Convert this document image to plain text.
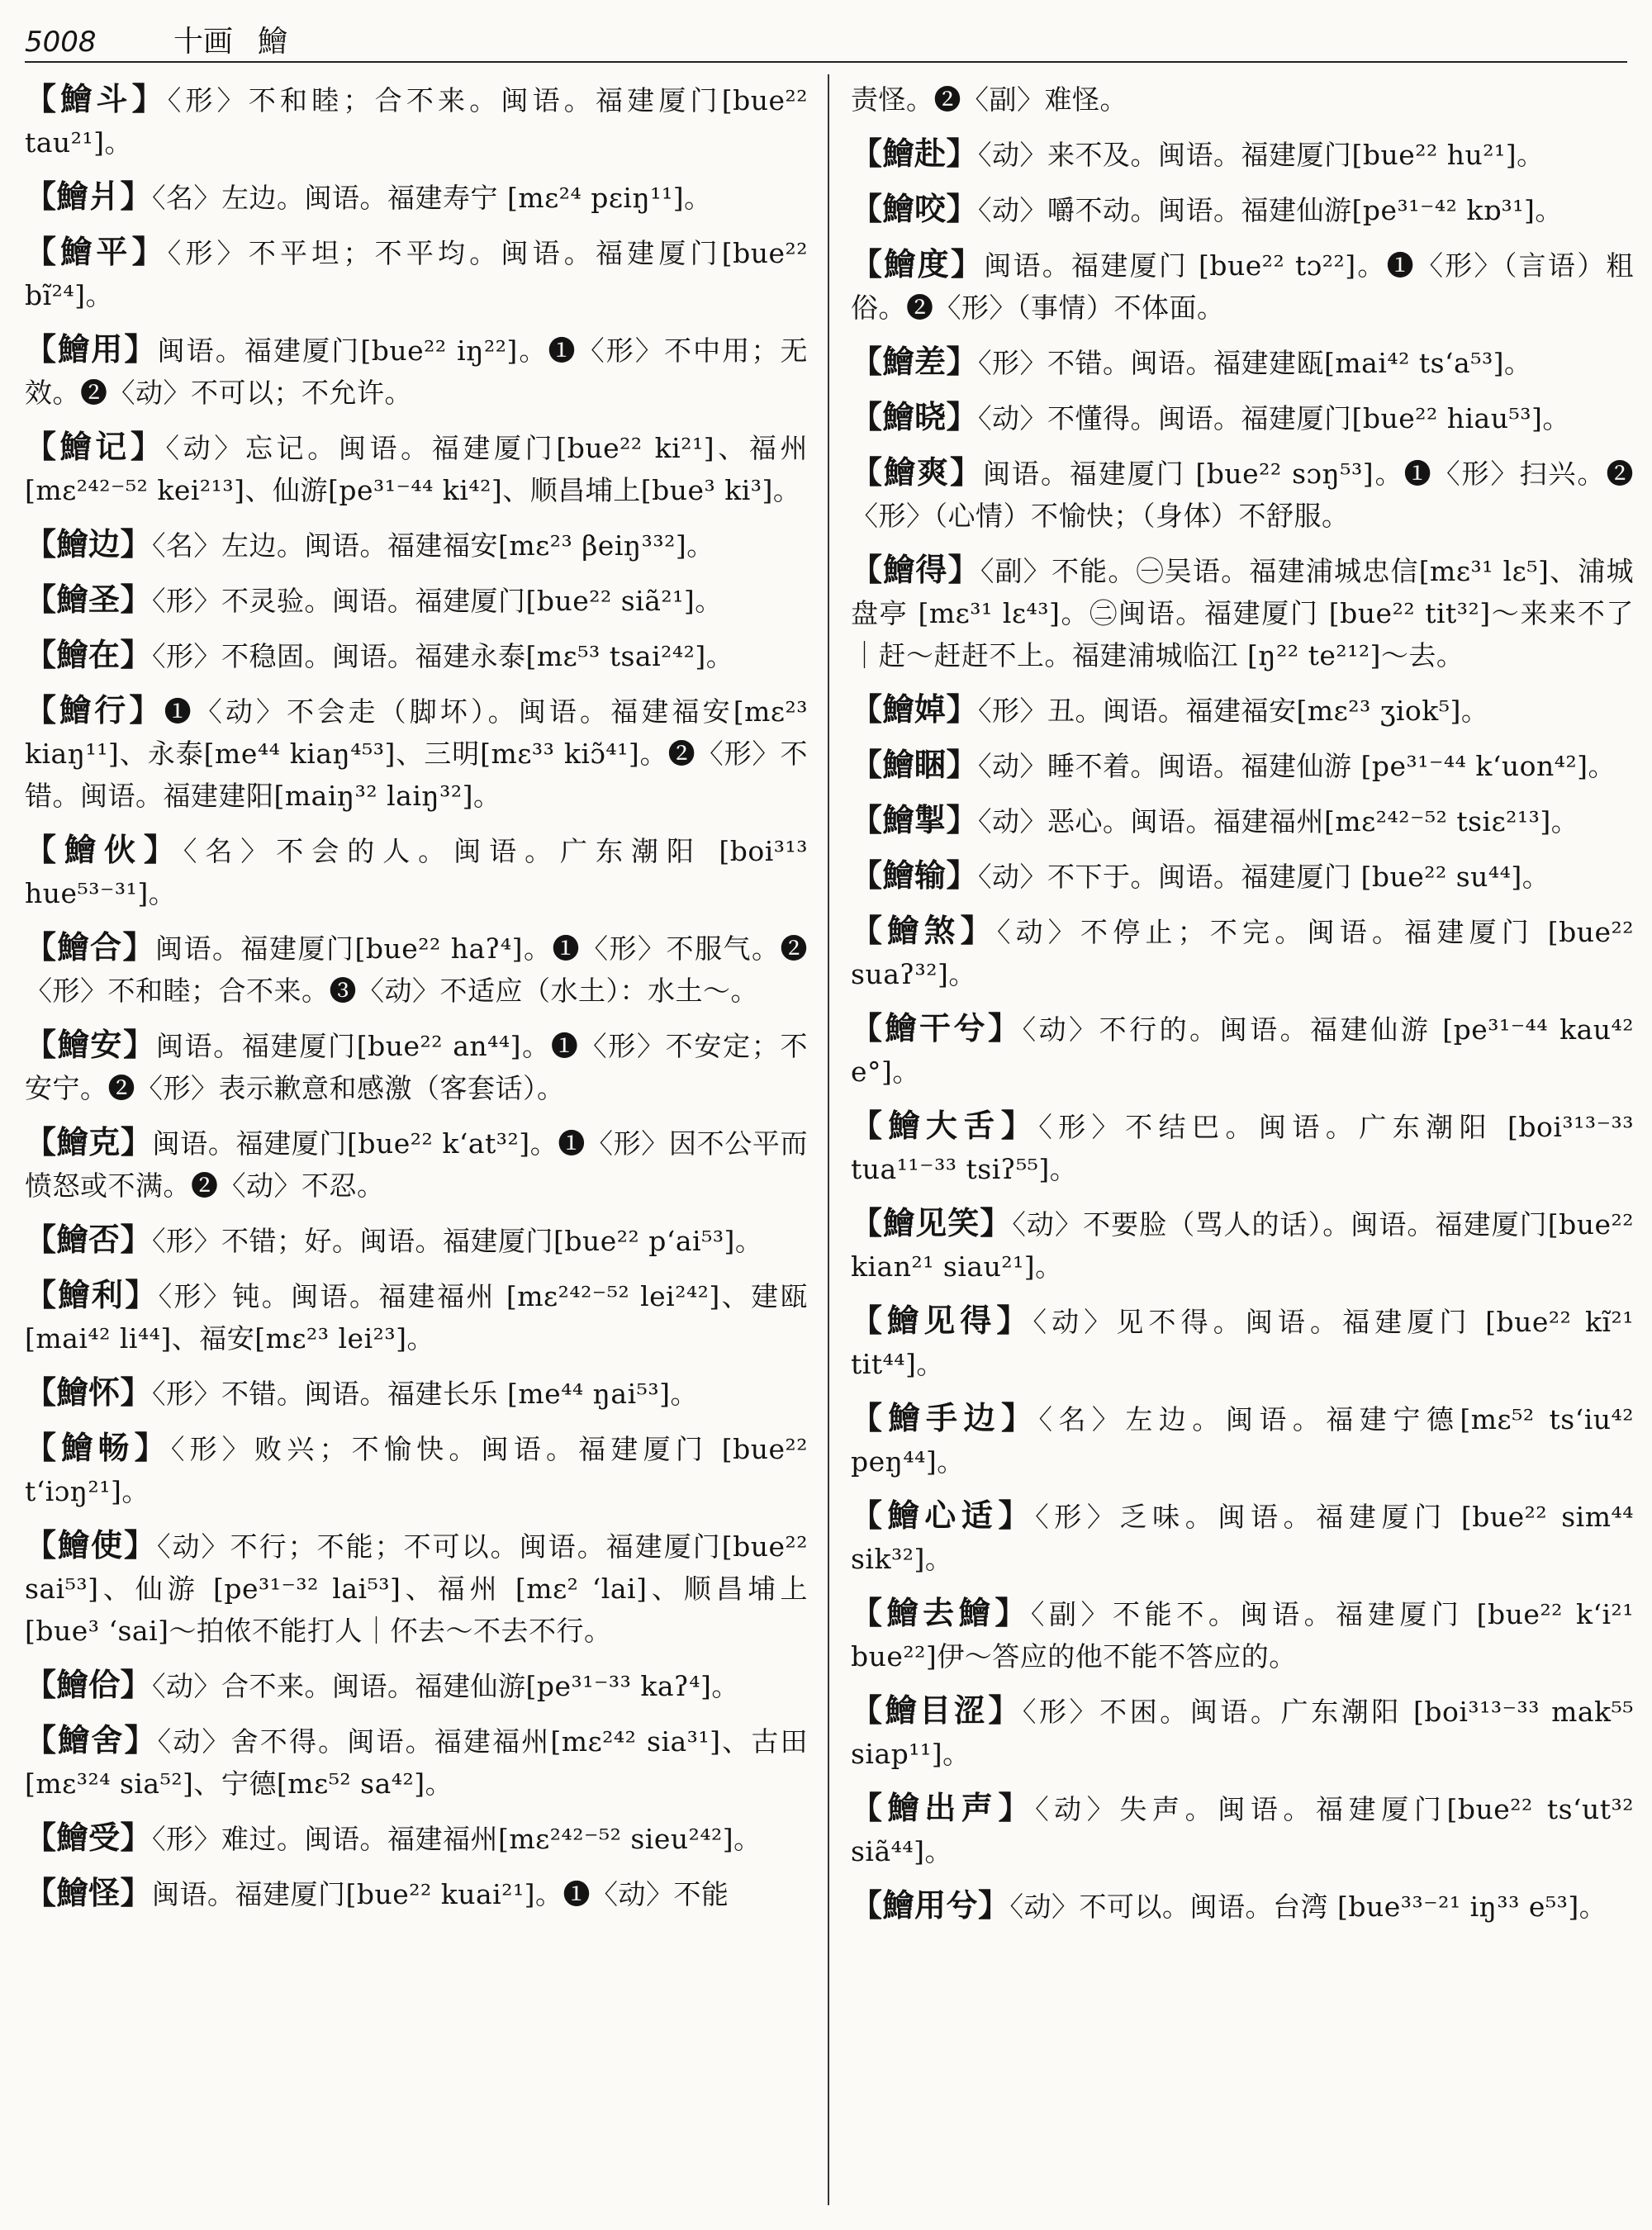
5008	十画 鱠

【鱠斗】〈形〉不和睦；合不来。闽语。福建厦门[bue²² tau²¹]。

【鱠爿】〈名〉左边。闽语。福建寿宁 [mɛ²⁴ pɛiŋ¹¹]。

【鱠平】〈形〉不平坦；不平均。闽语。福建厦门[bue²² bĩ²⁴]。

【鱠用】闽语。福建厦门[bue²² iŋ²²]。❶〈形〉不中用；无效。❷〈动〉不可以；不允许。

【鱠记】〈动〉忘记。闽语。福建厦门[bue²² ki²¹]、福州[mɛ²⁴²⁻⁵² kei²¹³]、仙游[pe³¹⁻⁴⁴ ki⁴²]、顺昌埔上[bue³ ki³]。

【鱠边】〈名〉左边。闽语。福建福安[mɛ²³ βeiŋ³³²]。

【鱠圣】〈形〉不灵验。闽语。福建厦门[bue²² siã²¹]。

【鱠在】〈形〉不稳固。闽语。福建永泰[mɛ⁵³ tsai²⁴²]。

【鱠行】❶〈动〉不会走（脚坏）。闽语。福建福安[mɛ²³ kiaŋ¹¹]、永泰[me⁴⁴ kiaŋ⁴⁵³]、三明[mɛ³³ kiɔ̃⁴¹]。❷〈形〉不错。闽语。福建建阳[maiŋ³² laiŋ³²]。

【鱠伙】〈名〉不会的人。闽语。广东潮阳 [boi³¹³ hue⁵³⁻³¹]。

【鱠合】闽语。福建厦门[bue²² haʔ⁴]。❶〈形〉不服气。❷〈形〉不和睦；合不来。❸〈动〉不适应（水土）：水土～。

【鱠安】闽语。福建厦门[bue²² an⁴⁴]。❶〈形〉不安定；不安宁。❷〈形〉表示歉意和感激（客套话）。

【鱠克】闽语。福建厦门[bue²² kʻat³²]。❶〈形〉因不公平而愤怒或不满。❷〈动〉不忍。

【鱠否】〈形〉不错；好。闽语。福建厦门[bue²² pʻai⁵³]。

【鱠利】〈形〉钝。闽语。福建福州 [mɛ²⁴²⁻⁵² lei²⁴²]、建瓯 [mai⁴² li⁴⁴]、福安[mɛ²³ lei²³]。

【鱠怀】〈形〉不错。闽语。福建长乐 [me⁴⁴ ŋai⁵³]。

【鱠畅】〈形〉败兴；不愉快。闽语。福建厦门 [bue²² tʻiɔŋ²¹]。

【鱠使】〈动〉不行；不能；不可以。闽语。福建厦门[bue²² sai⁵³]、仙游 [pe³¹⁻³² lai⁵³]、福州 [mɛ² ʻlai]、顺昌埔上 [bue³ ʻsai]～拍侬不能打人｜伓去～不去不行。

【鱠佮】〈动〉合不来。闽语。福建仙游[pe³¹⁻³³ kaʔ⁴]。

【鱠舍】〈动〉舍不得。闽语。福建福州[mɛ²⁴² sia³¹]、古田[mɛ³²⁴ sia⁵²]、宁德[mɛ⁵² sa⁴²]。

【鱠受】〈形〉难过。闽语。福建福州[mɛ²⁴²⁻⁵² sieu²⁴²]。

【鱠怪】闽语。福建厦门[bue²² kuai²¹]。❶〈动〉不能

责怪。❷〈副〉难怪。

【鱠赴】〈动〉来不及。闽语。福建厦门[bue²² hu²¹]。

【鱠咬】〈动〉嚼不动。闽语。福建仙游[pe³¹⁻⁴² kɒ³¹]。

【鱠度】闽语。福建厦门 [bue²² tɔ²²]。❶〈形〉（言语）粗俗。❷〈形〉（事情）不体面。

【鱠差】〈形〉不错。闽语。福建建瓯[mai⁴² tsʻa⁵³]。

【鱠晓】〈动〉不懂得。闽语。福建厦门[bue²² hiau⁵³]。

【鱠爽】闽语。福建厦门 [bue²² sɔŋ⁵³]。❶〈形〉扫兴。❷〈形〉（心情）不愉快；（身体）不舒服。

【鱠得】〈副〉不能。㊀吴语。福建浦城忠信[mɛ³¹ lɛ⁵]、浦城盘亭 [mɛ³¹ lɛ⁴³]。㊁闽语。福建厦门 [bue²² tit³²]～来来不了｜赶～赶赶不上。福建浦城临江 [ŋ²² te²¹²]～去。

【鱠婥】〈形〉丑。闽语。福建福安[mɛ²³ ʒiok⁵]。

【鱠睏】〈动〉睡不着。闽语。福建仙游 [pe³¹⁻⁴⁴ kʻuon⁴²]。

【鱠掣】〈动〉恶心。闽语。福建福州[mɛ²⁴²⁻⁵² tsiɛ²¹³]。

【鱠输】〈动〉不下于。闽语。福建厦门 [bue²² su⁴⁴]。

【鱠煞】〈动〉不停止；不完。闽语。福建厦门 [bue²² suaʔ³²]。

【鱠干兮】〈动〉不行的。闽语。福建仙游 [pe³¹⁻⁴⁴ kau⁴² e°]。

【鱠大舌】〈形〉不结巴。闽语。广东潮阳 [boi³¹³⁻³³ tua¹¹⁻³³ tsiʔ⁵⁵]。

【鱠见笑】〈动〉不要脸（骂人的话）。闽语。福建厦门[bue²² kian²¹ siau²¹]。

【鱠见得】〈动〉见不得。闽语。福建厦门 [bue²² kĩ²¹ tit⁴⁴]。

【鱠手边】〈名〉左边。闽语。福建宁德[mɛ⁵² tsʻiu⁴² peŋ⁴⁴]。

【鱠心适】〈形〉乏味。闽语。福建厦门 [bue²² sim⁴⁴ sik³²]。

【鱠去鱠】〈副〉不能不。闽语。福建厦门 [bue²² kʻi²¹ bue²²]伊～答应的他不能不答应的。

【鱠目涩】〈形〉不困。闽语。广东潮阳 [boi³¹³⁻³³ mak⁵⁵ siap¹¹]。

【鱠出声】〈动〉失声。闽语。福建厦门[bue²² tsʻut³² siã⁴⁴]。

【鱠用兮】〈动〉不可以。闽语。台湾 [bue³³⁻²¹ iŋ³³ e⁵³]。
